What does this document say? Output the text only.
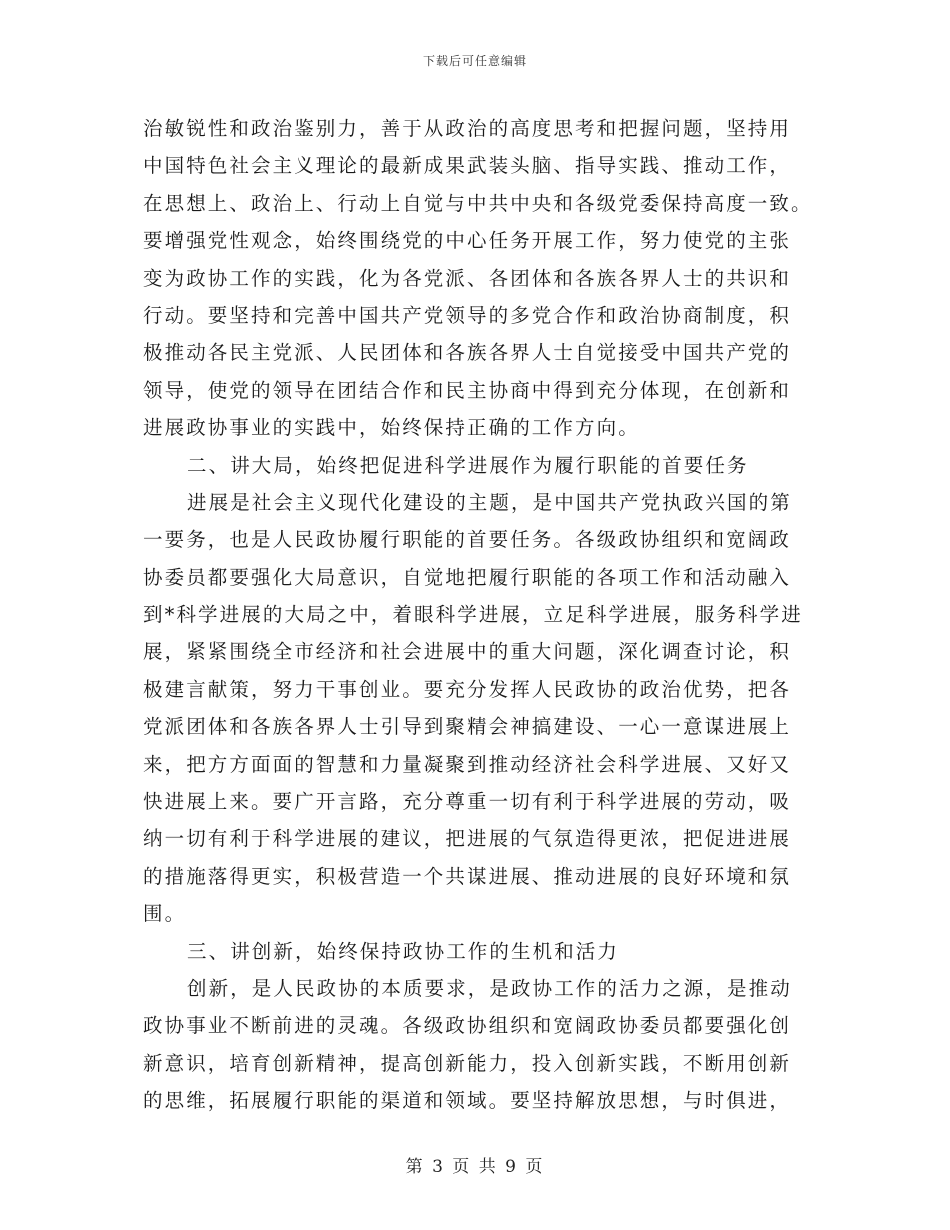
下载后可任意编辑
治敏锐性和政治鉴别力，善于从政治的高度思考和把握问题，坚持用
中国特色社会主义理论的最新成果武装头脑、指导实践、推动工作，
在思想上、政治上、行动上自觉与中共中央和各级党委保持高度一致。
要增强党性观念，始终围绕党的中心任务开展工作，努力使党的主张
变为政协工作的实践，化为各党派、各团体和各族各界人士的共识和
行动。要坚持和完善中国共产党领导的多党合作和政治协商制度，积
极推动各民主党派、人民团体和各族各界人士自觉接受中国共产党的
领导，使党的领导在团结合作和民主协商中得到充分体现，在创新和
进展政协事业的实践中，始终保持正确的工作方向。
二、讲大局，始终把促进科学进展作为履行职能的首要任务
进展是社会主义现代化建设的主题，是中国共产党执政兴国的第
一要务，也是人民政协履行职能的首要任务。各级政协组织和宽阔政
协委员都要强化大局意识，自觉地把履行职能的各项工作和活动融入
到*科学进展的大局之中，着眼科学进展，立足科学进展，服务科学进
展，紧紧围绕全市经济和社会进展中的重大问题，深化调查讨论，积
极建言献策，努力干事创业。要充分发挥人民政协的政治优势，把各
党派团体和各族各界人士引导到聚精会神搞建设、一心一意谋进展上
来，把方方面面的智慧和力量凝聚到推动经济社会科学进展、又好又
快进展上来。要广开言路，充分尊重一切有利于科学进展的劳动，吸
纳一切有利于科学进展的建议，把进展的气氛造得更浓，把促进进展
的措施落得更实，积极营造一个共谋进展、推动进展的良好环境和氛
围。
三、讲创新，始终保持政协工作的生机和活力
创新，是人民政协的本质要求，是政协工作的活力之源，是推动
政协事业不断前进的灵魂。各级政协组织和宽阔政协委员都要强化创
新意识，培育创新精神，提高创新能力，投入创新实践，不断用创新
的思维，拓展履行职能的渠道和领域。要坚持解放思想，与时俱进，
第 3 页 共 9 页
